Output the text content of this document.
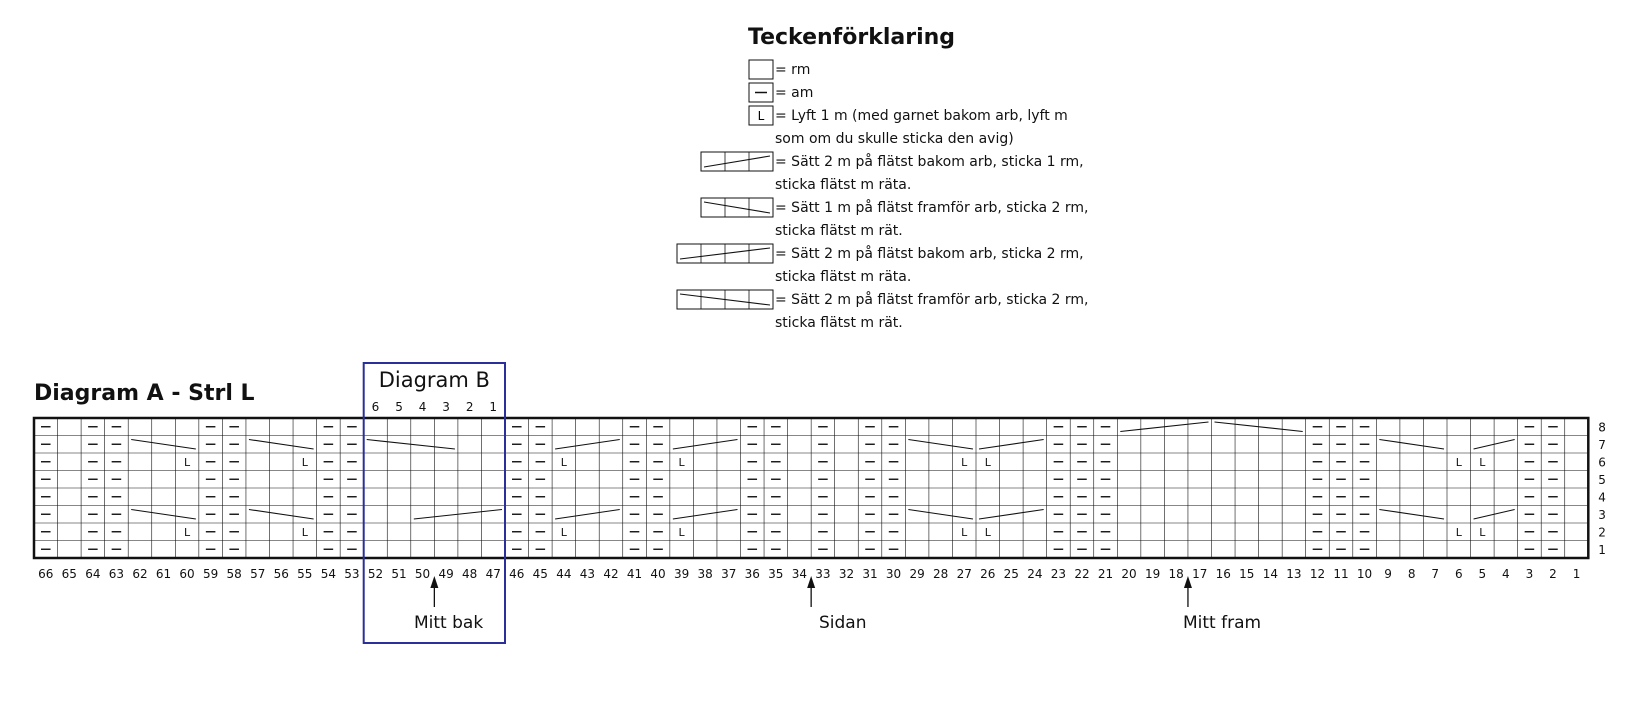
Teckenförklaring
L
= rm
= am
= Lyft 1 m (med garnet bakom arb, lyft m
som om du skulle sticka den avig)
= Sätt 2 m på flätst bakom arb, sticka 1 rm,
sticka flätst m räta.
= Sätt 1 m på flätst framför arb, sticka 2 rm,
sticka flätst m rät.
= Sätt 2 m på flätst bakom arb, sticka 2 rm,
sticka flätst m räta.
= Sätt 2 m på flätst framför arb, sticka 2 rm,
sticka flätst m rät.
Diagram A - Strl L
Diagram B
L
L
L
L
L
L
L
L
L
L
L
L
L
L
L
L
66 65 64 63 62 61 60 59 58 57 56 55 54 53 52 51 50 49 48 47 46 45 44 43 42 41 40 39 38 37 36 35 34 33 32 31 30 29 28 27 26 25 24 23 22 21 20 19 18 17 16 15 14 13 12 11 10 9 8 7 6 5 4 3 2 1
1
2
3
4
5
6
7
8
6 5 4 3 2 1
Mitt bak	Sidan	Mitt fram
